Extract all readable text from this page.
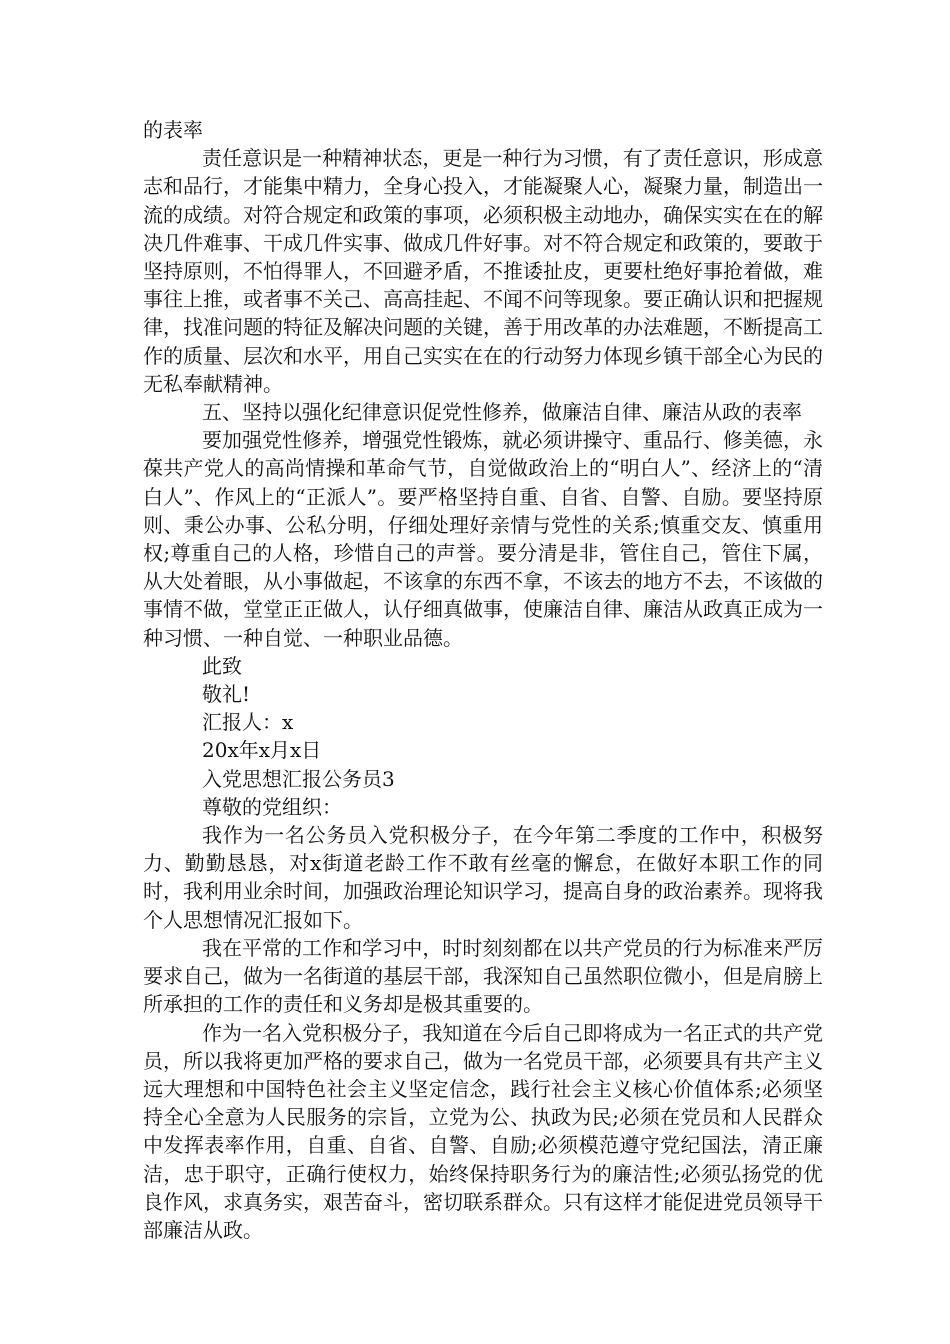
的表率

责任意识是一种精神状态，更是一种行为习惯，有了责任意识，形成意志和品行，才能集中精力，全身心投入，才能凝聚人心，凝聚力量，制造出一流的成绩。对符合规定和政策的事项，必须积极主动地办，确保实实在在的解决几件难事、干成几件实事、做成几件好事。对不符合规定和政策的，要敢于坚持原则，不怕得罪人，不回避矛盾，不推诿扯皮，更要杜绝好事抢着做，难事往上推，或者事不关己、高高挂起、不闻不问等现象。要正确认识和把握规律，找准问题的特征及解决问题的关键，善于用改革的办法难题，不断提高工作的质量、层次和水平，用自己实实在在的行动努力体现乡镇干部全心为民的无私奉献精神。

五、坚持以强化纪律意识促党性修养，做廉洁自律、廉洁从政的表率

要加强党性修养，增强党性锻炼，就必须讲操守、重品行、修美德，永葆共产党人的高尚情操和革命气节，自觉做政治上的“明白人”、经济上的“清白人”、作风上的“正派人”。要严格坚持自重、自省、自警、自励。要坚持原则、秉公办事、公私分明，仔细处理好亲情与党性的关系;慎重交友、慎重用权;尊重自己的人格，珍惜自己的声誉。要分清是非，管住自己，管住下属，从大处着眼，从小事做起，不该拿的东西不拿，不该去的地方不去，不该做的事情不做，堂堂正正做人，认仔细真做事，使廉洁自律、廉洁从政真正成为一种习惯、一种自觉、一种职业品德。

此致

敬礼!

汇报人：x

20x年x月x日

入党思想汇报公务员3

尊敬的党组织：

我作为一名公务员入党积极分子，在今年第二季度的工作中，积极努力、勤勤恳恳，对x街道老龄工作不敢有丝毫的懈怠，在做好本职工作的同时，我利用业余时间，加强政治理论知识学习，提高自身的政治素养。现将我个人思想情况汇报如下。

我在平常的工作和学习中，时时刻刻都在以共产党员的行为标准来严厉要求自己，做为一名街道的基层干部，我深知自己虽然职位微小，但是肩膀上所承担的工作的责任和义务却是极其重要的。

作为一名入党积极分子，我知道在今后自己即将成为一名正式的共产党员，所以我将更加严格的要求自己，做为一名党员干部，必须要具有共产主义远大理想和中国特色社会主义坚定信念，践行社会主义核心价值体系;必须坚持全心全意为人民服务的宗旨，立党为公、执政为民;必须在党员和人民群众中发挥表率作用，自重、自省、自警、自励;必须模范遵守党纪国法，清正廉洁，忠于职守，正确行使权力，始终保持职务行为的廉洁性;必须弘扬党的优良作风，求真务实，艰苦奋斗，密切联系群众。只有这样才能促进党员领导干部廉洁从政。
